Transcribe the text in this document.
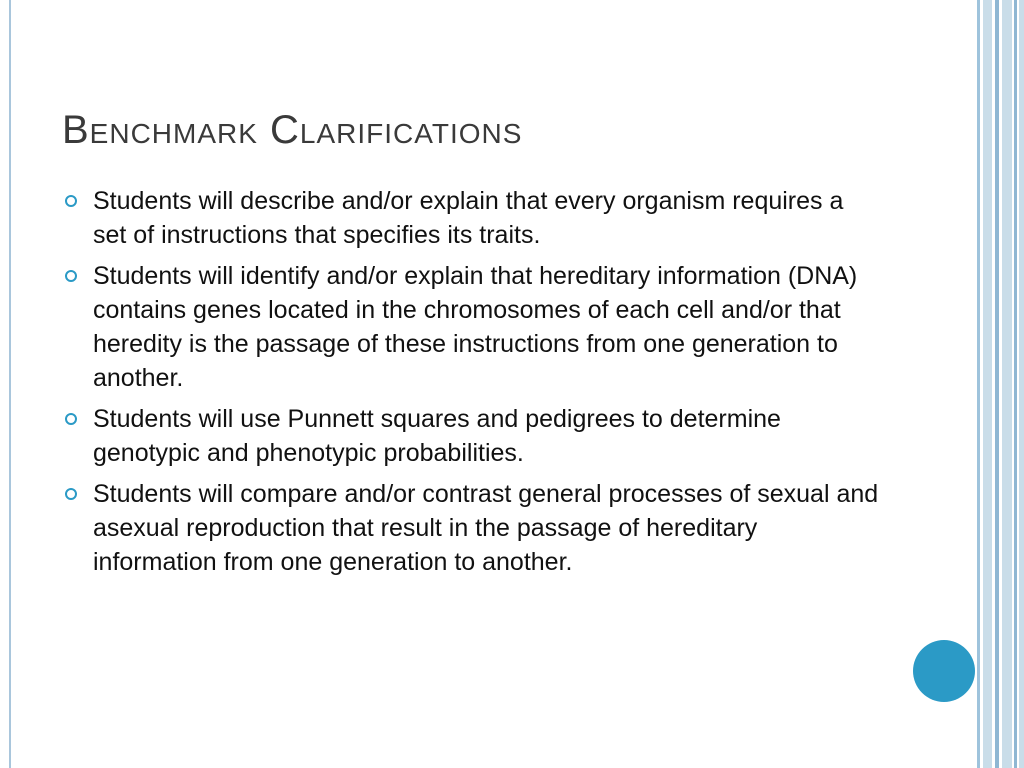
Benchmark Clarifications
Students will describe and/or explain that every organism requires a set of instructions that specifies its traits.
Students will identify and/or explain that hereditary information (DNA) contains genes located in the chromosomes of each cell and/or that heredity is the passage of these instructions from one generation to another.
Students will use Punnett squares and pedigrees to determine genotypic and phenotypic probabilities.
Students will compare and/or contrast general processes of sexual and asexual reproduction that result in the passage of hereditary information from one generation to another.
